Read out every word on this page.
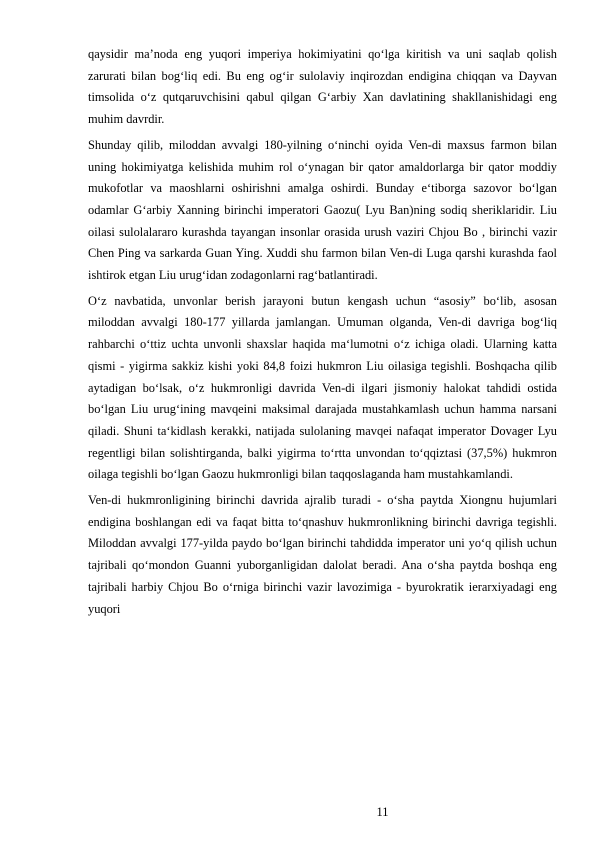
qaysidir ma’noda eng yuqori imperiya hokimiyatini qo‘lga kiritish va uni saqlab qolish zarurati bilan bog‘liq edi. Bu eng og‘ir sulolaviy inqirozdan endigina chiqqan va Dayvan timsolida o‘z qutqaruvchisini qabul qilgan G‘arbiy Xan davlatining shakllanishidagi eng muhim davrdir.

Shunday qilib, miloddan avvalgi 180-yilning o‘ninchi oyida Ven-di maxsus farmon bilan uning hokimiyatga kelishida muhim rol o‘ynagan bir qator amaldorlarga bir qator moddiy mukofotlar va maoshlarni oshirishni amalga oshirdi. Bunday e‘tiborga sazovor bo‘lgan odamlar G‘arbiy Xanning birinchi imperatori Gaozu( Lyu Ban)ning sodiq sheriklaridir. Liu oilasi sulolalararo kurashda tayangan insonlar orasida urush vaziri Chjou Bo , birinchi vazir Chen Ping va sarkarda Guan Ying. Xuddi shu farmon bilan Ven-di Luga qarshi kurashda faol ishtirok etgan Liu urug‘idan zodagonlarni rag‘batlantiradi.

O‘z navbatida, unvonlar berish jarayoni butun kengash uchun “asosiy” bo‘lib, asosan miloddan avvalgi 180-177 yillarda jamlangan. Umuman olganda, Ven-di davriga bog‘liq rahbarchi o‘ttiz uchta unvonli shaxslar haqida ma‘lumotni o‘z ichiga oladi. Ularning katta qismi - yigirma sakkiz kishi yoki 84,8 foizi hukmron Liu oilasiga tegishli. Boshqacha qilib aytadigan bo‘lsak, o‘z hukmronligi davrida Ven-di ilgari jismoniy halokat tahdidi ostida bo‘lgan Liu urug‘ining mavqeini maksimal darajada mustahkamlash uchun hamma narsani qiladi. Shuni ta‘kidlash kerakki, natijada sulolaning mavqei nafaqat imperator Dovager Lyu regentligi bilan solishtirganda, balki yigirma to‘rtta unvondan to‘qqiztasi (37,5%) hukmron oilaga tegishli bo‘lgan Gaozu hukmronligi bilan taqqoslaganda ham mustahkamlandi.

Ven-di hukmronligining birinchi davrida ajralib turadi - o‘sha paytda Xiongnu hujumlari endigina boshlangan edi va faqat bitta to‘qnashuv hukmronlikning birinchi davriga tegishli. Miloddan avvalgi 177-yilda paydo bo‘lgan birinchi tahdidda imperator uni yo‘q qilish uchun tajribali qo‘mondon Guanni yuborganligidan dalolat beradi. Ana o‘sha paytda boshqa eng tajribali harbiy Chjou Bo o‘rniga birinchi vazir lavozimiga - byurokratik ierarxiyadagi eng yuqori

11
